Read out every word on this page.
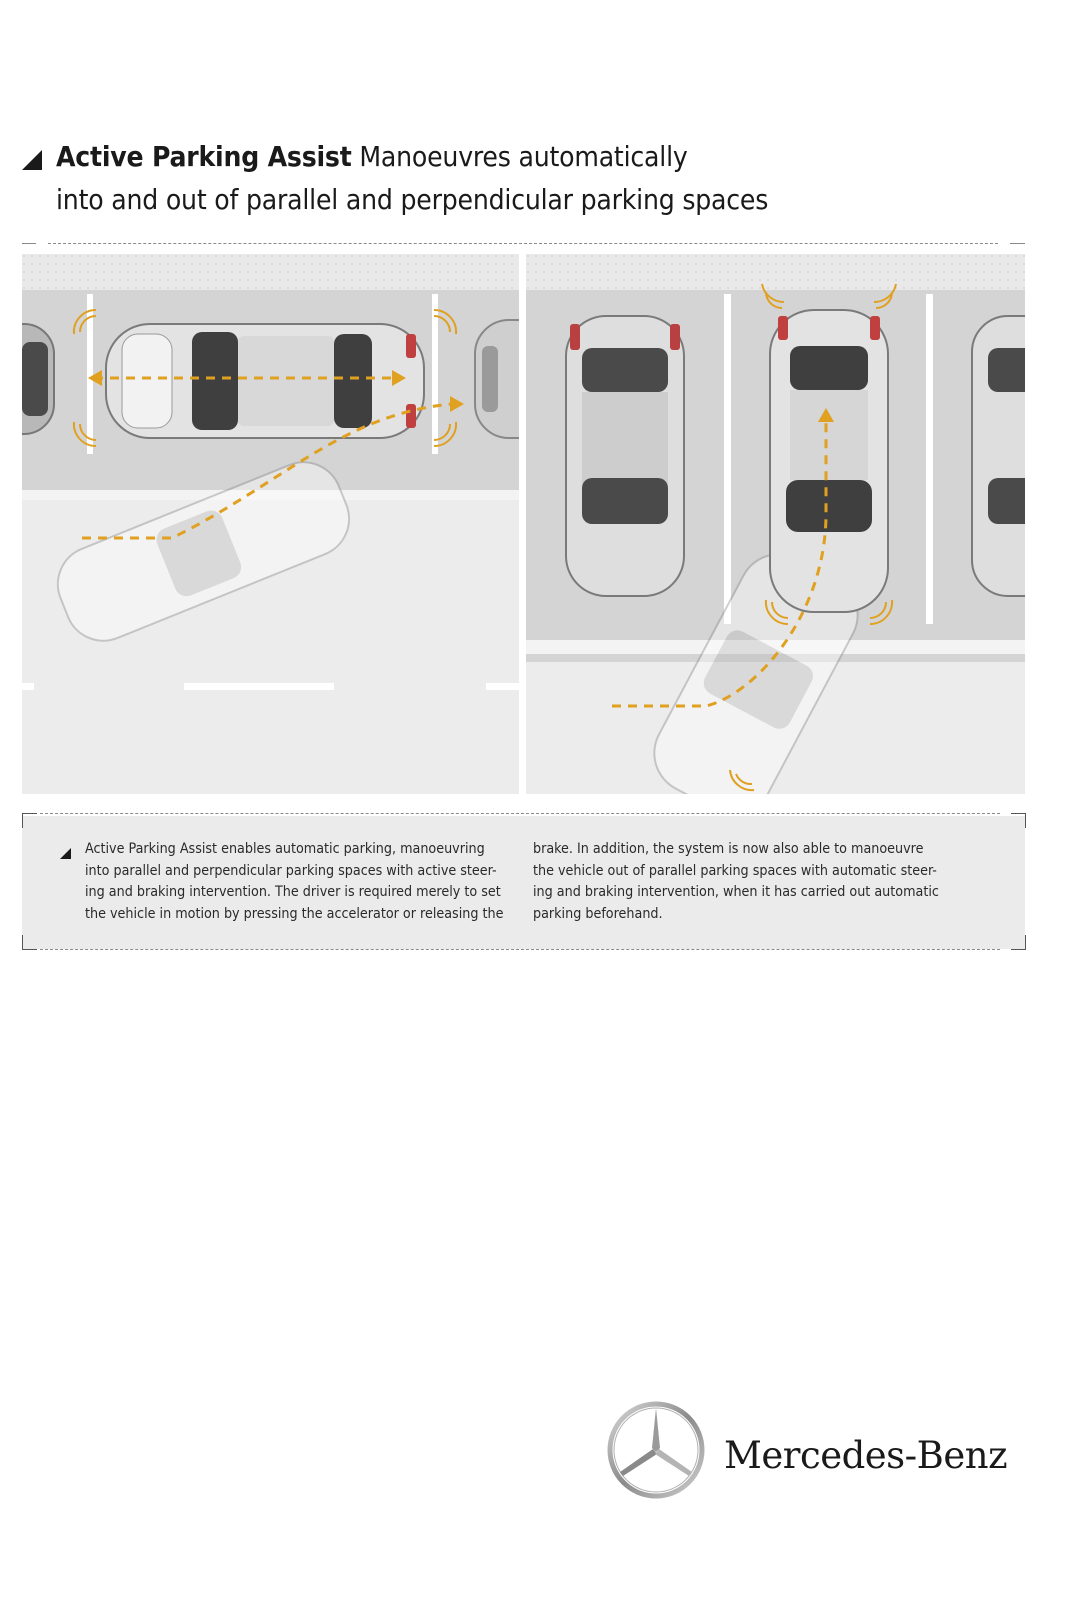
Active Parking Assist Manoeuvres automatically
into and out of parallel and perpendicular parking spaces
Active Parking Assist enables automatic parking, manoeuvring
into parallel and perpendicular parking spaces with active steer-
ing and braking intervention. The driver is required merely to set
the vehicle in motion by pressing the accelerator or releasing the
brake. In addition, the system is now also able to manoeuvre
the vehicle out of parallel parking spaces with automatic steer-
ing and braking intervention, when it has carried out automatic
parking beforehand.
Mercedes-Benz
